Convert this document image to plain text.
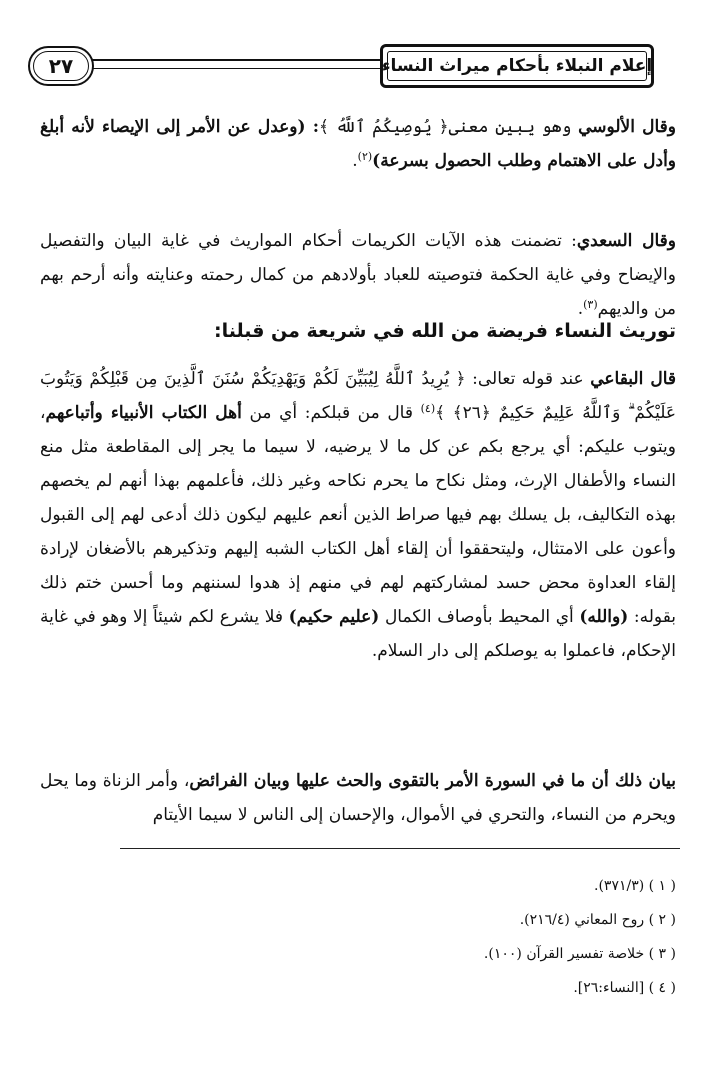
إعلام النبلاء بأحكام ميراث النساء
٢٧

وقال الألوسي وهو يبين معنى﴿ يُوصِيكُمُ ٱللَّهُ ﴾: (وعدل عن الأمر إلى الإيصاء لأنه أبلغ وأدل على الاهتمام وطلب الحصول بسرعة)$^{(٢)}$.

وقال السعدي: تضمنت هذه الآيات الكريمات أحكام المواريث في غاية البيان والتفصيل والإيضاح وفي غاية الحكمة فتوصيته للعباد بأولادهم من كمال رحمته وعنايته وأنه أرحم بهم من والديهم$^{(٣)}$.

توريث النساء فريضة من الله في شريعة من قبلنا:

قال البقاعي عند قوله تعالى: ﴿ يُرِيدُ ٱللَّهُ لِيُبَيِّنَ لَكُمْ وَيَهْدِيَكُمْ سُنَنَ ٱلَّذِينَ مِن قَبْلِكُمْ وَيَتُوبَ عَلَيْكُمْ ۗ وَٱللَّهُ عَلِيمٌ حَكِيمٌ ﴿٢٦﴾ ﴾$^{(٤)}$ قال من قبلكم: أي من أهل الكتاب الأنبياء وأتباعهم، ويتوب عليكم: أي يرجع بكم عن كل ما لا يرضيه، لا سيما ما يجر إلى المقاطعة مثل منع النساء والأطفال الإرث، ومثل نكاح ما يحرم نكاحه وغير ذلك، فأعلمهم بهذا أنهم لم يخصهم بهذه التكاليف، بل يسلك بهم فيها صراط الذين أنعم عليهم ليكون ذلك أدعى لهم إلى القبول وأعون على الامتثال، وليتحققوا أن إلقاء أهل الكتاب الشبه إليهم وتذكيرهم بالأضغان لإرادة إلقاء العداوة محض حسد لمشاركتهم لهم في منهم إذ هدوا لسننهم وما أحسن ختم ذلك بقوله: (والله) أي المحيط بأوصاف الكمال (عليم حكيم) فلا يشرع لكم شيئاً إلا وهو في غاية الإحكام، فاعملوا به يوصلكم إلى دار السلام.

بيان ذلك أن ما في السورة الأمر بالتقوى والحث عليها وبيان الفرائض، وأمر الزناة وما يحل ويحرم من النساء، والتحري في الأموال، والإحسان إلى الناس لا سيما الأيتام

( ١ ) (٣٧١/٣).

( ٢ ) روح المعاني (٢١٦/٤).

( ٣ ) خلاصة تفسير القرآن (١٠٠).

( ٤ ) [النساء:٢٦].
